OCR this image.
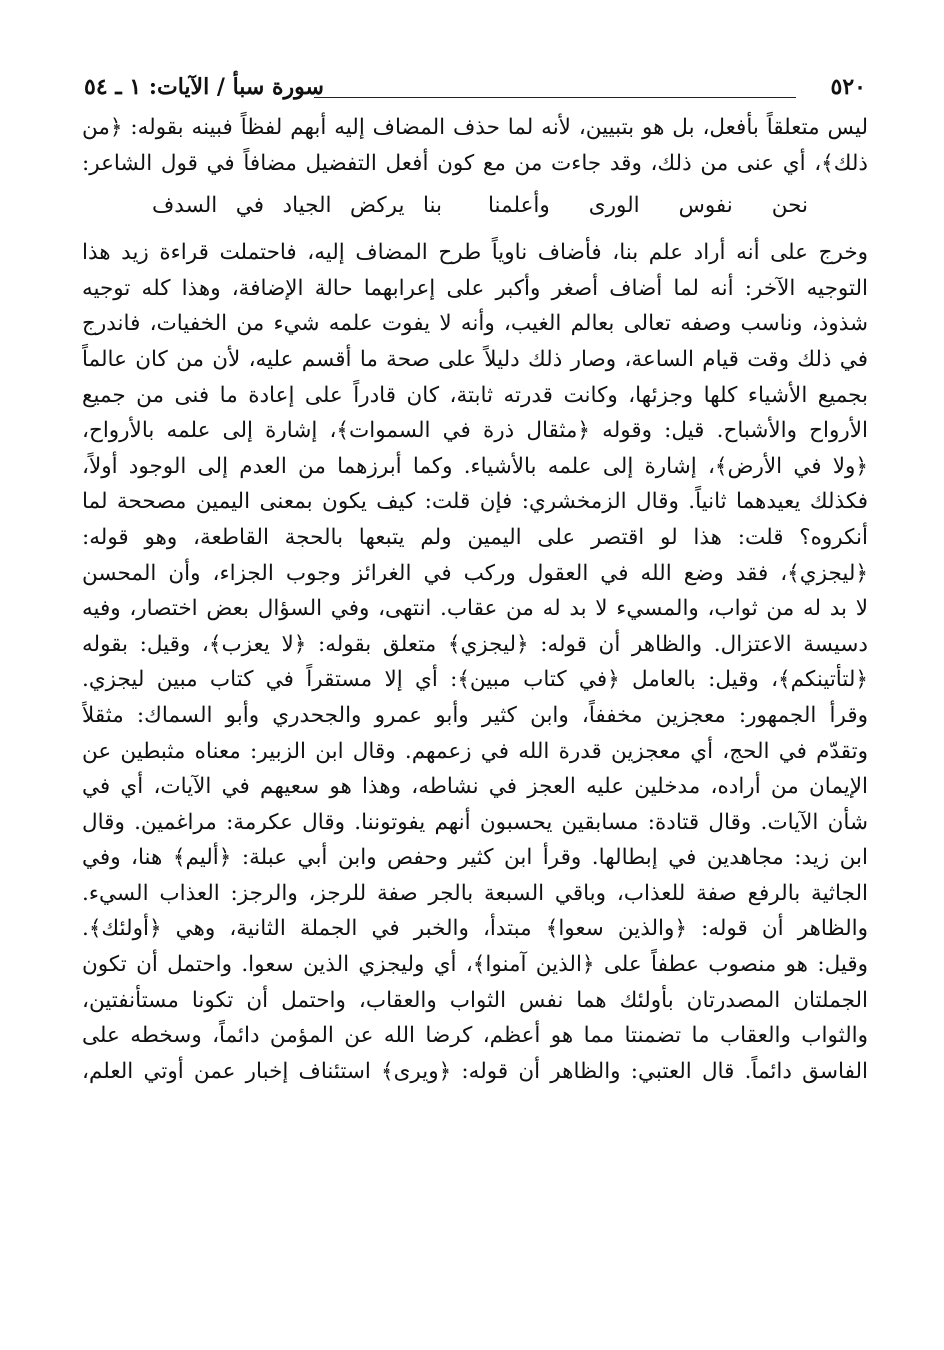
٥٢٠
سورة سبأ / الآيات: ١ ـ ٥٤
ليس متعلقاً بأفعل، بل هو بتبيين، لأنه لما حذف المضاف إليه أبهم لفظاً فبينه بقوله: ﴿من
ذلك﴾، أي عنى من ذلك، وقد جاءت من مع كون أفعل التفضيل مضافاً في قول الشاعر:
نحن نفوس الورى وأعلمنا
بنا يركض الجياد في السدف
وخرج على أنه أراد علم بنا، فأضاف ناوياً طرح المضاف إليه، فاحتملت قراءة زيد هذا
التوجيه الآخر: أنه لما أضاف أصغر وأكبر على إعرابهما حالة الإضافة، وهذا كله توجيه
شذوذ، وناسب وصفه تعالى بعالم الغيب، وأنه لا يفوت علمه شيء من الخفيات، فاندرج
في ذلك وقت قيام الساعة، وصار ذلك دليلاً على صحة ما أقسم عليه، لأن من كان عالماً
بجميع الأشياء كلها وجزئها، وكانت قدرته ثابتة، كان قادراً على إعادة ما فنى من جميع
الأرواح والأشباح. قيل: وقوله ﴿مثقال ذرة في السموات﴾، إشارة إلى علمه بالأرواح،
﴿ولا في الأرض﴾، إشارة إلى علمه بالأشياء. وكما أبرزهما من العدم إلى الوجود أولاً،
فكذلك يعيدهما ثانياً. وقال الزمخشري: فإن قلت: كيف يكون بمعنى اليمين مصححة لما
أنكروه؟ قلت: هذا لو اقتصر على اليمين ولم يتبعها بالحجة القاطعة، وهو قوله:
﴿ليجزي﴾، فقد وضع الله في العقول وركب في الغرائز وجوب الجزاء، وأن المحسن
لا بد له من ثواب، والمسيء لا بد له من عقاب. انتهى، وفي السؤال بعض اختصار، وفيه
دسيسة الاعتزال. والظاهر أن قوله: ﴿ليجزي﴾ متعلق بقوله: ﴿لا يعزب﴾، وقيل: بقوله
﴿لتأتينكم﴾، وقيل: بالعامل ﴿في كتاب مبين﴾: أي إلا مستقراً في كتاب مبين ليجزي.
وقرأ الجمهور: معجزين مخففاً، وابن كثير وأبو عمرو والجحدري وأبو السماك: مثقلاً
وتقدّم في الحج، أي معجزين قدرة الله في زعمهم. وقال ابن الزبير: معناه مثبطين عن
الإيمان من أراده، مدخلين عليه العجز في نشاطه، وهذا هو سعيهم في الآيات، أي في
شأن الآيات. وقال قتادة: مسابقين يحسبون أنهم يفوتوننا. وقال عكرمة: مراغمين. وقال
ابن زيد: مجاهدين في إبطالها. وقرأ ابن كثير وحفص وابن أبي عبلة: ﴿أليم﴾ هنا، وفي
الجاثية بالرفع صفة للعذاب، وباقي السبعة بالجر صفة للرجز، والرجز: العذاب السيء.
والظاهر أن قوله: ﴿والذين سعوا﴾ مبتدأ، والخبر في الجملة الثانية، وهي ﴿أولئك﴾.
وقيل: هو منصوب عطفاً على ﴿الذين آمنوا﴾، أي وليجزي الذين سعوا. واحتمل أن تكون
الجملتان المصدرتان بأولئك هما نفس الثواب والعقاب، واحتمل أن تكونا مستأنفتين،
والثواب والعقاب ما تضمنتا مما هو أعظم، كرضا الله عن المؤمن دائماً، وسخطه على
الفاسق دائماً. قال العتبي: والظاهر أن قوله: ﴿ويرى﴾ استئناف إخبار عمن أوتي العلم،
